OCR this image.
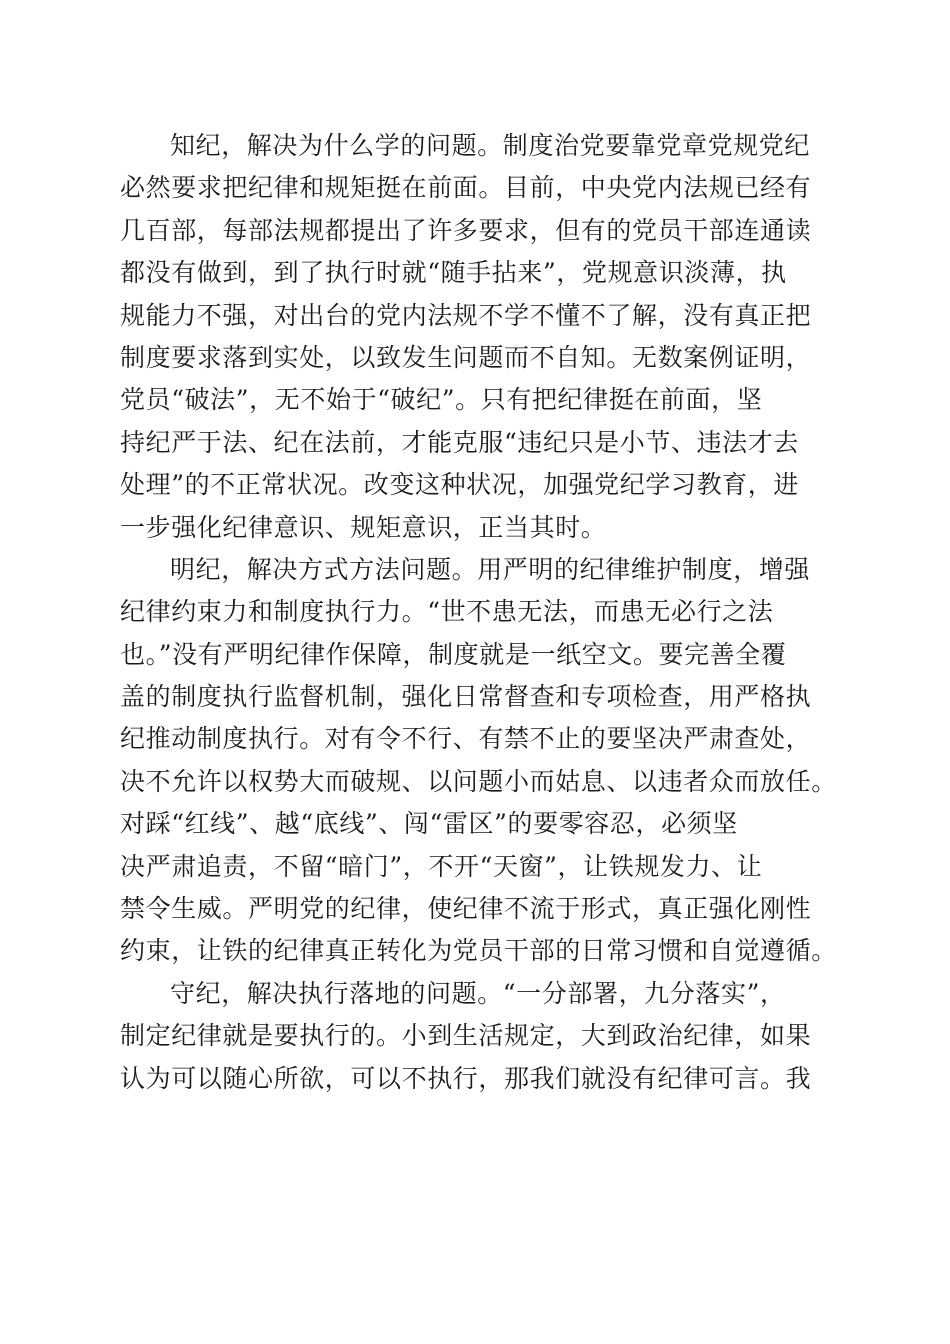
知纪，解决为什么学的问题。制度治党要靠党章党规党纪
必然要求把纪律和规矩挺在前面。目前，中央党内法规已经有
几百部，每部法规都提出了许多要求，但有的党员干部连通读
都没有做到，到了执行时就“随手拈来”，党规意识淡薄，执
规能力不强，对出台的党内法规不学不懂不了解，没有真正把
制度要求落到实处，以致发生问题而不自知。无数案例证明，
党员“破法”，无不始于“破纪”。只有把纪律挺在前面，坚
持纪严于法、纪在法前，才能克服“违纪只是小节、违法才去
处理”的不正常状况。改变这种状况，加强党纪学习教育，进
一步强化纪律意识、规矩意识，正当其时。
明纪，解决方式方法问题。用严明的纪律维护制度，增强
纪律约束力和制度执行力。“世不患无法，而患无必行之法
也。”没有严明纪律作保障，制度就是一纸空文。要完善全覆
盖的制度执行监督机制，强化日常督查和专项检查，用严格执
纪推动制度执行。对有令不行、有禁不止的要坚决严肃查处，
决不允许以权势大而破规、以问题小而姑息、以违者众而放任。
对踩“红线”、越“底线”、闯“雷区”的要零容忍，必须坚
决严肃追责，不留“暗门”，不开“天窗”，让铁规发力、让
禁令生威。严明党的纪律，使纪律不流于形式，真正强化刚性
约束，让铁的纪律真正转化为党员干部的日常习惯和自觉遵循。
守纪，解决执行落地的问题。“一分部署，九分落实”，
制定纪律就是要执行的。小到生活规定，大到政治纪律，如果
认为可以随心所欲，可以不执行，那我们就没有纪律可言。我
